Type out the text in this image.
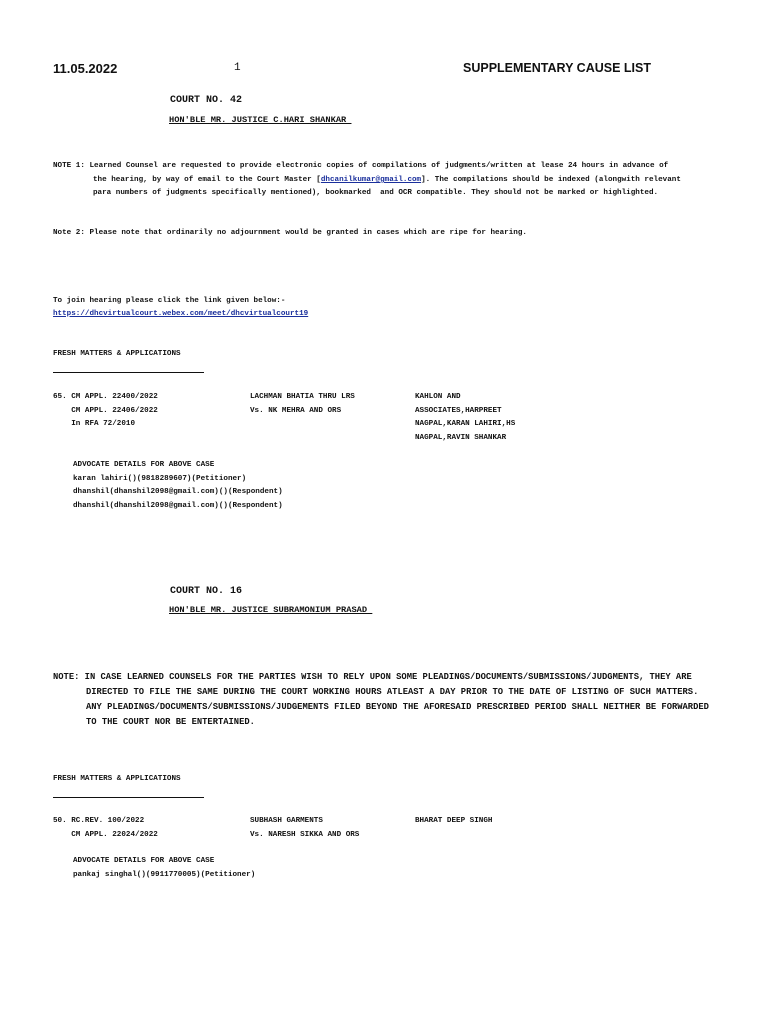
11.05.2022	1	SUPPLEMENTARY CAUSE LIST
COURT NO. 42
HON'BLE MR. JUSTICE C.HARI SHANKAR
NOTE 1: Learned Counsel are requested to provide electronic copies of compilations of judgments/written at lease 24 hours in advance of
the hearing, by way of email to the Court Master [dhcanilkumar@gmail.com]. The compilations should be indexed (alongwith relevant
para numbers of judgments specifically mentioned), bookmarked  and OCR compatible. They should not be marked or highlighted.
Note 2: Please note that ordinarily no adjournment would be granted in cases which are ripe for hearing.
To join hearing please click the link given below:-
https://dhcvirtualcourt.webex.com/meet/dhcvirtualcourt19
FRESH MATTERS & APPLICATIONS
65. CM APPL. 22400/2022
CM APPL. 22406/2022
In RFA 72/2010
LACHMAN BHATIA THRU LRS
Vs. NK MEHRA AND ORS
KAHLON AND
ASSOCIATES,HARPREET
NAGPAL,KARAN LAHIRI,HS
NAGPAL,RAVIN SHANKAR
ADVOCATE DETAILS FOR ABOVE CASE
karan lahiri()(9818289607)(Petitioner)
dhanshil(dhanshil2098@gmail.com)()(Respondent)
dhanshil(dhanshil2098@gmail.com)()(Respondent)
COURT NO. 16
HON'BLE MR. JUSTICE SUBRAMONIUM PRASAD
NOTE: IN CASE LEARNED COUNSELS FOR THE PARTIES WISH TO RELY UPON SOME PLEADINGS/DOCUMENTS/SUBMISSIONS/JUDGMENTS, THEY ARE
DIRECTED TO FILE THE SAME DURING THE COURT WORKING HOURS ATLEAST A DAY PRIOR TO THE DATE OF LISTING OF SUCH MATTERS.
ANY PLEADINGS/DOCUMENTS/SUBMISSIONS/JUDGEMENTS FILED BEYOND THE AFORESAID PRESCRIBED PERIOD SHALL NEITHER BE FORWARDED
TO THE COURT NOR BE ENTERTAINED.
FRESH MATTERS & APPLICATIONS
50. RC.REV. 100/2022
CM APPL. 22024/2022
SUBHASH GARMENTS
Vs. NARESH SIKKA AND ORS
BHARAT DEEP SINGH
ADVOCATE DETAILS FOR ABOVE CASE
pankaj singhal()(9911770005)(Petitioner)
